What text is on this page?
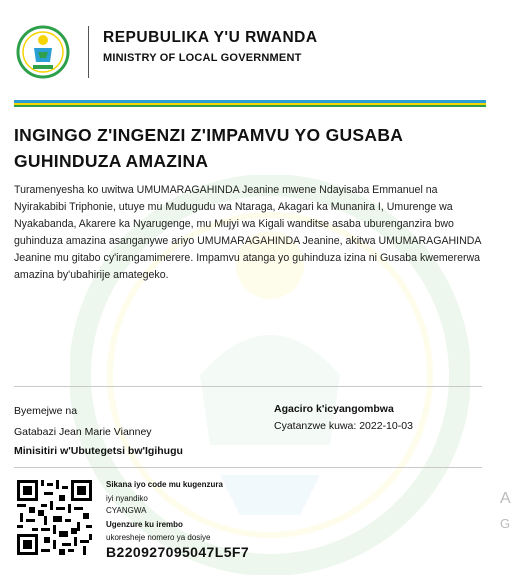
REPUBULIKA Y'U RWANDA
MINISTRY OF LOCAL GOVERNMENT
INGINGO Z'INGENZI Z'IMPAMVU YO GUSABA GUHINDUZA AMAZINA
Turamenyesha ko uwitwa UMUMARAGAHINDA Jeanine mwene Ndayisaba Emmanuel na Nyirakabibi Triphonie, utuye mu Mudugudu wa Ntaraga, Akagari ka Munanira I, Umurenge wa Nyakabanda, Akarere ka Nyarugenge, mu Mujyi wa Kigali wanditse asaba uburenganzira bwo guhinduza amazina asanganywe ariyo UMUMARAGAHINDA Jeanine, akitwa UMUMARAGAHINDA Jeanine mu gitabo cy'irangamimerere. Impamvu atanga yo guhinduza izina ni Gusaba kwemererwa amazina by'ubahirije amategeko.
Byemejwe na
Gatabazi Jean Marie Vianney
Minisitiri w'Ubutegetsi bw'Igihugu
Agaciro k'icyangombwa
Cyatanzwe kuwa: 2022-10-03
Sikana iyo code mu kugenzura
iyi nyandiko
CYANGWA
Ugenzure ku irembo
ukoresheje nomero ya dosiye
B220927095047L5F7
A
G
